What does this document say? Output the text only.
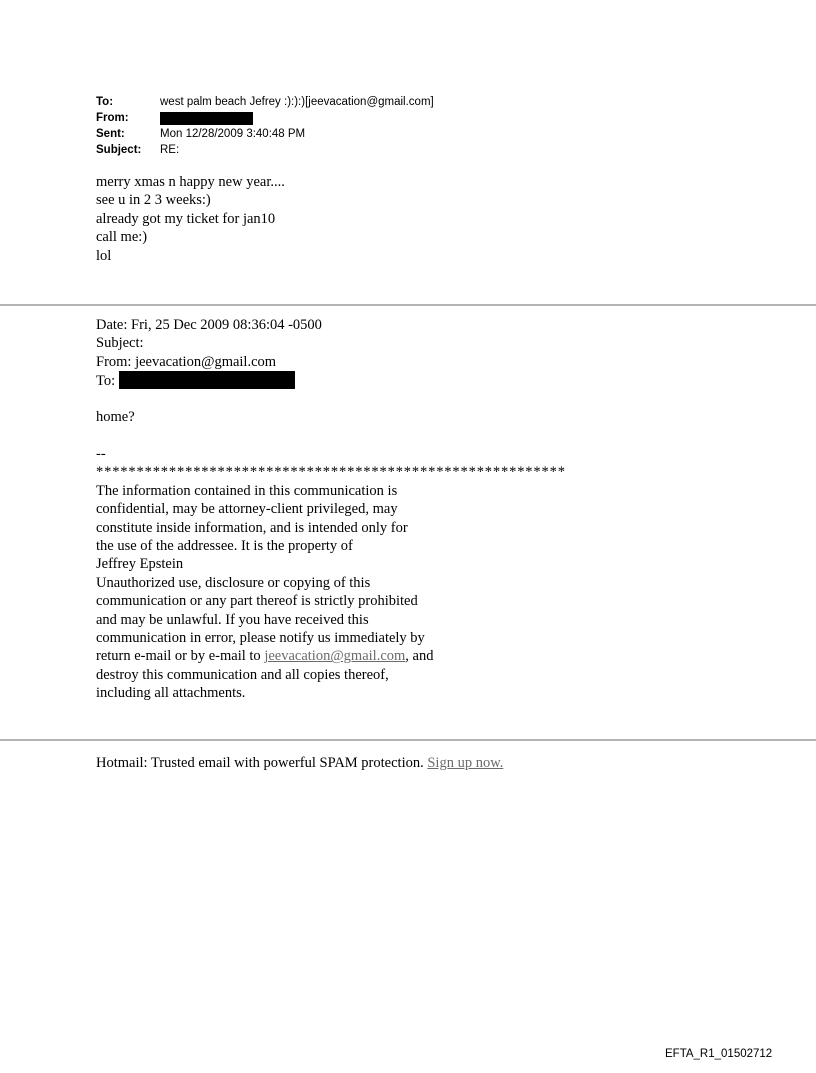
To:	west palm beach Jefrey :):):)[jeevacation@gmail.com]
From:
Sent:	Mon 12/28/2009 3:40:48 PM
Subject:	RE:
merry xmas n happy new year....
see u in 2 3 weeks:)
already got my ticket for jan10
call me:)
lol
Date: Fri, 25 Dec 2009 08:36:04 -0500
Subject:
From: jeevacation@gmail.com
To:
home?
--
**********************************************************
The information contained in this communication is
confidential, may be attorney-client privileged, may
constitute inside information, and is intended only for
the use of the addressee. It is the property of
Jeffrey Epstein
Unauthorized use, disclosure or copying of this
communication or any part thereof is strictly prohibited
and may be unlawful. If you have received this
communication in error, please notify us immediately by
return e-mail or by e-mail to jeevacation@gmail.com, and
destroy this communication and all copies thereof,
including all attachments.
Hotmail: Trusted email with powerful SPAM protection. Sign up now.
EFTA_R1_01502712
